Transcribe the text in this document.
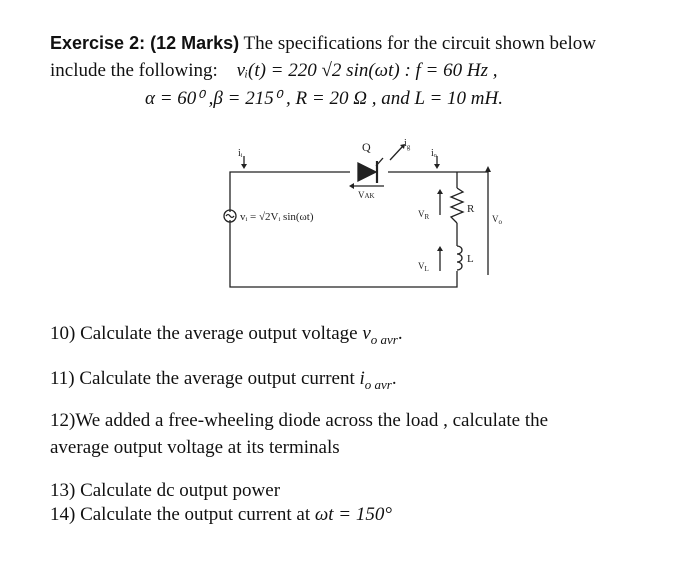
Exercise 2: (12 Marks) The specifications for the circuit shown below
include the following: vᵢ(t) = 220 √2 sin(ωt) : f = 60 Hz ,
α = 60⁰ ,β = 215⁰ , R = 20 Ω , and L = 10 mH.
iᵢ	Q	$i_g$
iₒ
VAK
vᵢ = √2Vᵢ sin(ωt)	$V_R$
$V_L$
R
L
$V_o$
10) Calculate the average output voltage $v_{o avr}$.
11) Calculate the average output current $i_{o avr}$.
12)We added a free-wheeling diode across the load , calculate the
average output voltage at its terminals
13) Calculate dc output power
14) Calculate the output current at ωt = 150°
